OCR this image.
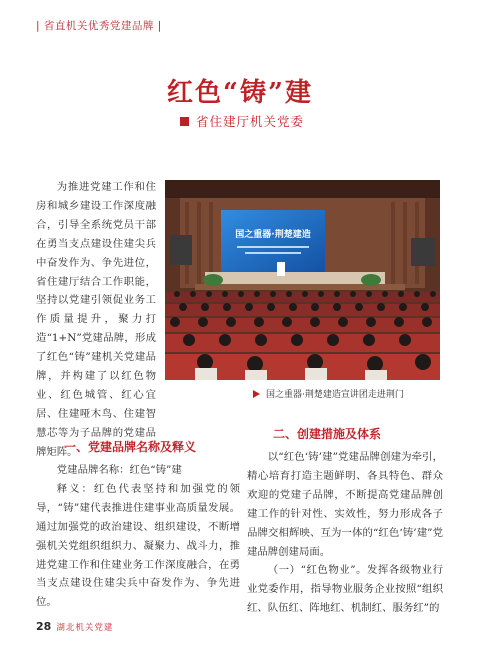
| 省直机关优秀党建品牌 |
红色“铸”建
省住建厅机关党委
为推进党建工作和住房和城乡建设工作深度融合，引导全系统党员干部在勇当支点建设住建尖兵中奋发作为、争先进位，省住建厅结合工作职能，坚持以党建引领促业务工作质量提升，聚力打造“1+N”党建品牌，形成了红色“铸”建机关党建品牌，并构建了以红色物业、红色城管、红心宜居、住建哑木鸟、住建智慧芯等为子品牌的党建品牌矩阵。
国之重器·荆楚建造
国之重器·荆楚建造宣讲团走进荆门
一、党建品牌名称及释义

党建品牌名称：红色“铸”建

释义：红色代表坚持和加强党的领导，“铸”建代表推进住建事业高质量发展。通过加强党的政治建设、组织建设，不断增强机关党组织组织力、凝聚力、战斗力，推进党建工作和住建业务工作深度融合，在勇当支点建设住建尖兵中奋发作为、争先进位。

二、创建措施及体系

以“红色‘铸’建”党建品牌创建为牵引，精心培育打造主题鲜明、各具特色、群众欢迎的党建子品牌，不断提高党建品牌创建工作的针对性、实效性，努力形成各子品牌交相辉映、互为一体的“红色‘铸’建”党建品牌创建局面。

（一）“红色物业”。发挥各级物业行业党委作用，指导物业服务企业按照“组织红、队伍红、阵地红、机制红、服务红”的

28 湖北机关党建
